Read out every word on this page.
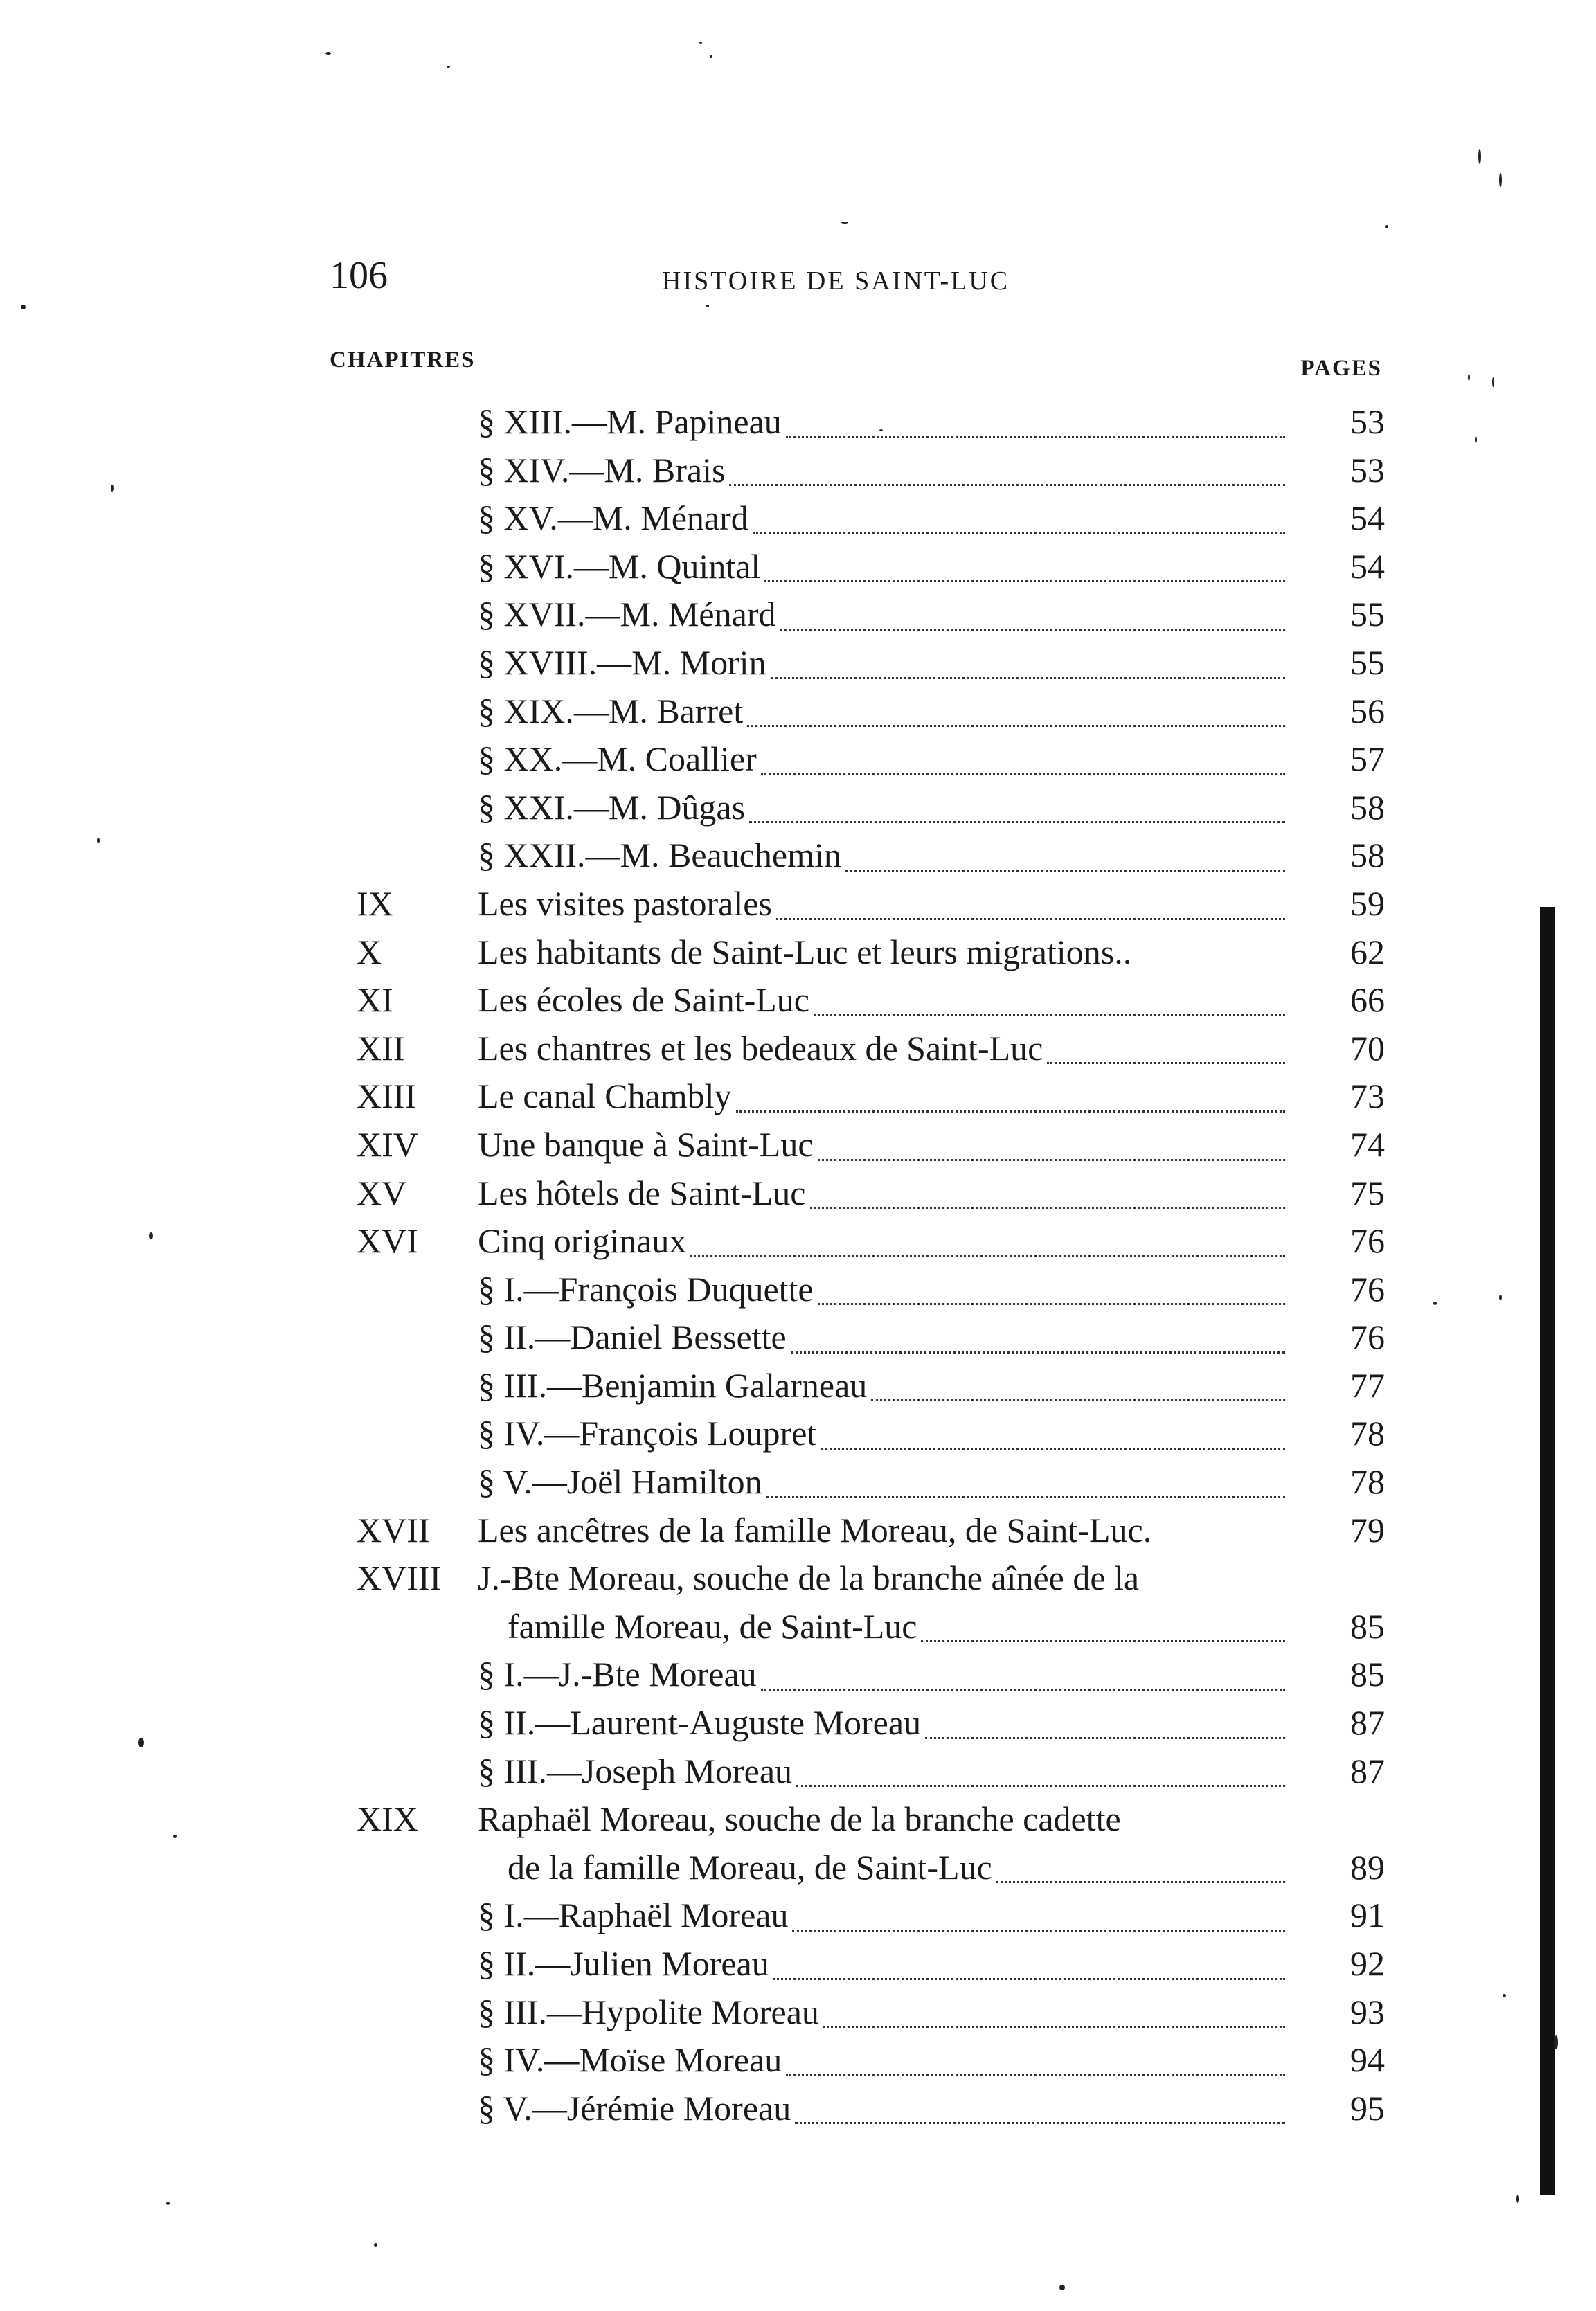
106	HISTOIRE DE SAINT-LUC
CHAPITRES	PAGES
§ XIII.—M. Papineau	53
§ XIV.—M. Brais	53
§ XV.—M. Ménard	54
§ XVI.—M. Quintal	54
§ XVII.—M. Ménard	55
§ XVIII.—M. Morin	55
§ XIX.—M. Barret	56
§ XX.—M. Coallier	57
§ XXI.—M. Dûgas	58
§ XXII.—M. Beauchemin	58
IX	Les visites pastorales	59
X	Les habitants de Saint-Luc et leurs migrations..	62
XI	Les écoles de Saint-Luc	66
XII	Les chantres et les bedeaux de Saint-Luc	70
XIII	Le canal Chambly	73
XIV	Une banque à Saint-Luc	74
XV	Les hôtels de Saint-Luc	75
XVI	Cinq originaux	76
§ I.—François Duquette	76
§ II.—Daniel Bessette	76
§ III.—Benjamin Galarneau	77
§ IV.—François Loupret	78
§ V.—Joël Hamilton	78
XVII	Les ancêtres de la famille Moreau, de Saint-Luc.	79
XVIII	J.-Bte Moreau, souche de la branche aînée de la
famille Moreau, de Saint-Luc	85
§ I.—J.-Bte Moreau	85
§ II.—Laurent-Auguste Moreau	87
§ III.—Joseph Moreau	87
XIX	Raphaël Moreau, souche de la branche cadette
de la famille Moreau, de Saint-Luc	89
§ I.—Raphaël Moreau	91
§ II.—Julien Moreau	92
§ III.—Hypolite Moreau	93
§ IV.—Moïse Moreau	94
§ V.—Jérémie Moreau	95
